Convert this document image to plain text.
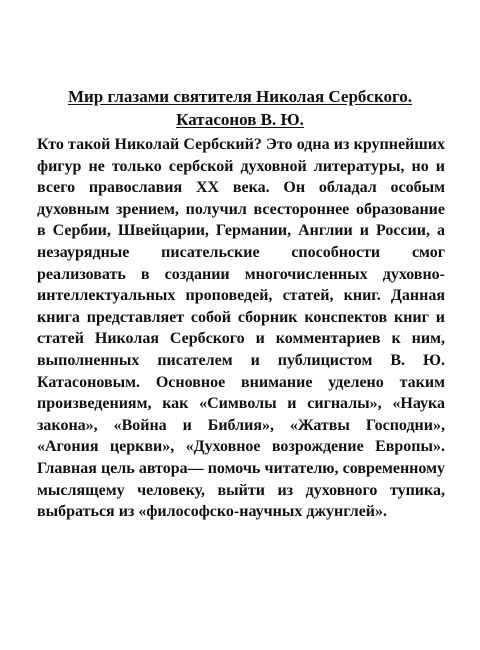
Мир глазами святителя Николая Сербского.
Катасонов В. Ю.

Кто такой Николай Сербский? Это одна из крупнейших фигур не только сербской духовной литературы, но и всего православия XX века. Он обладал особым духовным зрением, получил всестороннее образование в Сербии, Швейцарии, Германии, Англии и России, а незаурядные писательские способности смог реализовать в создании многочисленных духовно-интеллектуальных проповедей, статей, книг. Данная книга представляет собой сборник конспектов книг и статей Николая Сербского и комментариев к ним, выполненных писателем и публицистом В. Ю. Катасоновым. Основное внимание уделено таким произведениям, как «Символы и сигналы», «Наука закона», «Война и Библия», «Жатвы Господни», «Агония церкви», «Духовное возрождение Европы». Главная цель автора— помочь читателю, современному мыслящему человеку, выйти из духовного тупика, выбраться из «философско-научных джунглей».
